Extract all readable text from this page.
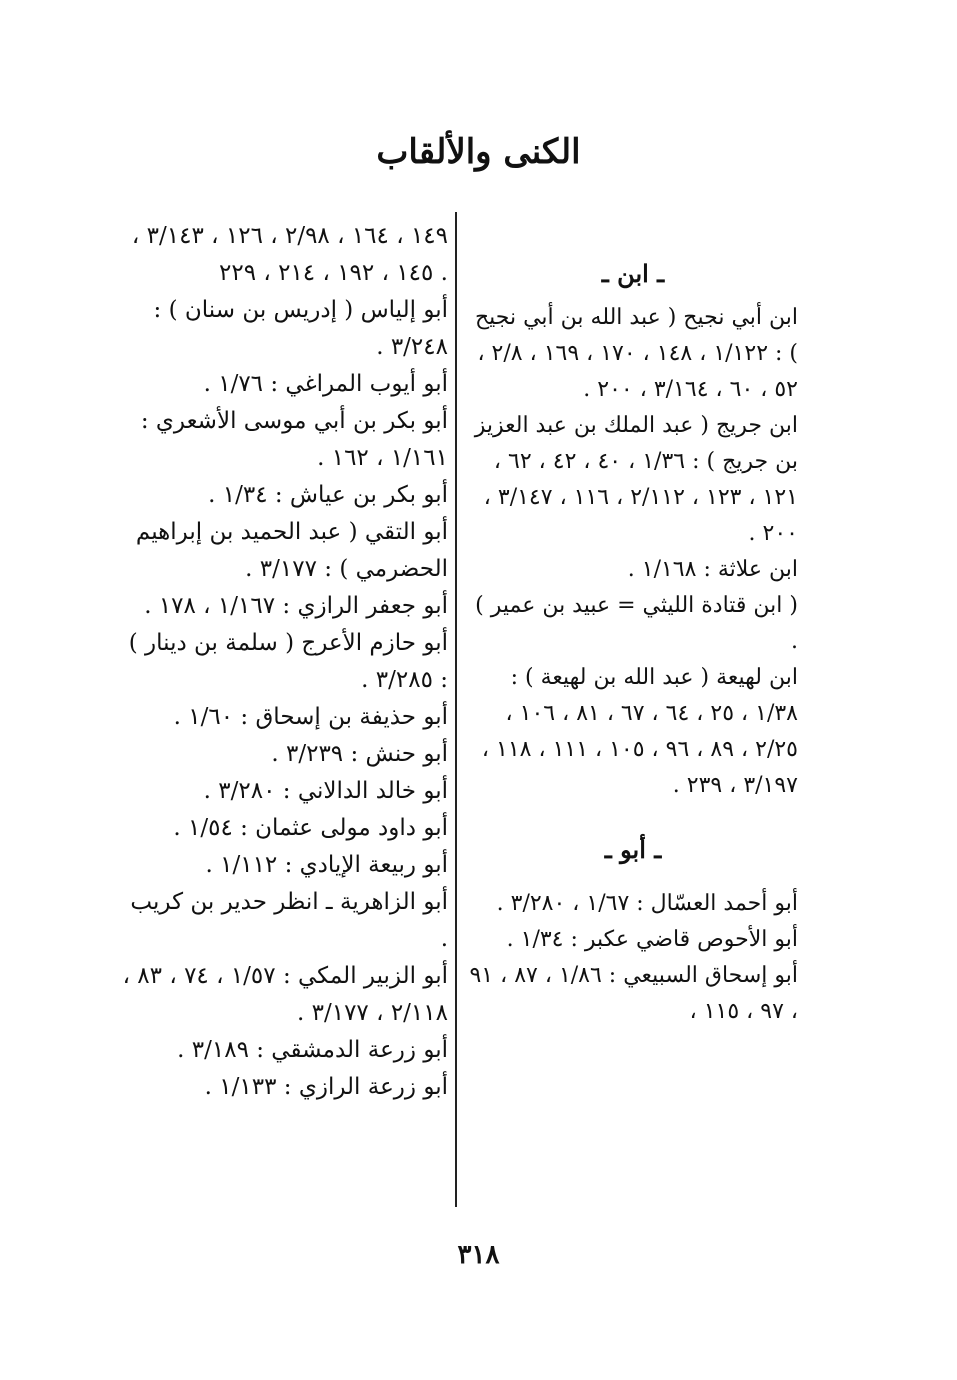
الكنى والألقاب
ـ ابن ـ
ابن أبي نجيح ( عبد الله بن أبي نجيح ) : ١/١٢٢ ، ١٤٨ ، ١٧٠ ، ١٦٩ ، ٢/٨ ، ٥٢ ، ٦٠ ، ٣/١٦٤ ، ٢٠٠ .
ابن جريج ( عبد الملك بن عبد العزيز بن جريج ) : ١/٣٦ ، ٤٠ ، ٤٢ ، ٦٢ ، ١٢١ ، ١٢٣ ، ٢/١١٢ ، ١١٦ ، ٣/١٤٧ ، ٢٠٠ .
ابن علاثة : ١/١٦٨ .
( ابن قتادة الليثي = عبيد بن عمير ) .
ابن لهيعة ( عبد الله بن لهيعة ) : ١/٣٨ ، ٢٥ ، ٦٤ ، ٦٧ ، ٨١ ، ١٠٦ ، ٢/٢٥ ، ٨٩ ، ٩٦ ، ١٠٥ ، ١١١ ، ١١٨ ، ٣/١٩٧ ، ٢٣٩ .
ـ أبو ـ
أبو أحمد العسّال : ١/٦٧ ، ٣/٢٨٠ .
أبو الأحوص قاضي عكبر : ١/٣٤ .
أبو إسحاق السبيعي : ١/٨٦ ، ٨٧ ، ٩١ ، ٩٧ ، ١١٥ ،
١٤٩ ، ١٦٤ ، ٢/٩٨ ، ١٢٦ ، ٣/١٤٣ ، ١٤٥ ، ١٩٢ ، ٢١٤ ، ٢٢٩ .
أبو إلياس ( إدريس بن سنان ) : ٣/٢٤٨ .
أبو أيوب المراغي : ١/٧٦ .
أبو بكر بن أبي موسى الأشعري : ١/١٦١ ، ١٦٢ .
أبو بكر بن عياش : ١/٣٤ .
أبو التقي ( عبد الحميد بن إبراهيم الحضرمي ) : ٣/١٧٧ .
أبو جعفر الرازي : ١/١٦٧ ، ١٧٨ .
أبو حازم الأعرج ( سلمة بن دينار ) : ٣/٢٨٥ .
أبو حذيفة بن إسحاق : ١/٦٠ .
أبو حنش : ٣/٢٣٩ .
أبو خالد الدالاني : ٣/٢٨٠ .
أبو داود مولى عثمان : ١/٥٤ .
أبو ربيعة الإيادي : ١/١١٢ .
أبو الزاهرية ـ انظر حدير بن كريب .
أبو الزبير المكي : ١/٥٧ ، ٧٤ ، ٨٣ ، ٢/١١٨ ، ٣/١٧٧ .
أبو زرعة الدمشقي : ٣/١٨٩ .
أبو زرعة الرازي : ١/١٣٣ .
٣١٨
